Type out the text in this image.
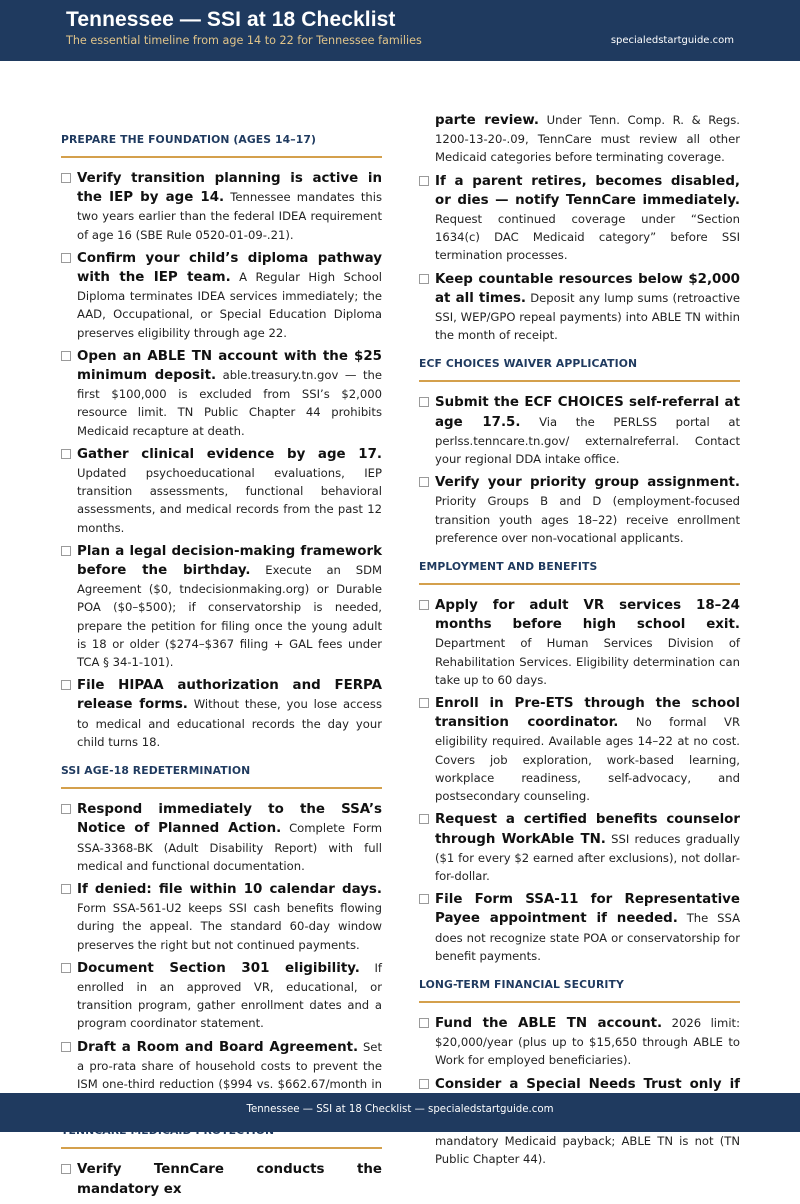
Tennessee — SSI at 18 Checklist
The essential timeline from age 14 to 22 for Tennessee families	specialedstartguide.com
PREPARE THE FOUNDATION (AGES 14–17)
Verify transition planning is active in the IEP by age 14. Tennessee mandates this two years earlier than the federal IDEA requirement of age 16 (SBE Rule 0520-01-09-.21).
Confirm your child’s diploma pathway with the IEP team. A Regular High School Diploma terminates IDEA services immediately; the AAD, Occupational, or Special Education Diploma preserves eligibility through age 22.
Open an ABLE TN account with the $25 minimum deposit. able.treasury.tn.gov — the first $100,000 is excluded from SSI’s $2,000 resource limit. TN Public Chapter 44 prohibits Medicaid recapture at death.
Gather clinical evidence by age 17. Updated psychoeducational evaluations, IEP transition assessments, functional behavioral assessments, and medical records from the past 12 months.
Plan a legal decision-making framework before the birthday. Execute an SDM Agreement ($0, tndecisionmaking.org) or Durable POA ($0–$500); if conservatorship is needed, prepare the petition for filing once the young adult is 18 or older ($274–$367 filing + GAL fees under TCA § 34-1-101).
File HIPAA authorization and FERPA release forms. Without these, you lose access to medical and educational records the day your child turns 18.
SSI AGE-18 REDETERMINATION
Respond immediately to the SSA’s Notice of Planned Action. Complete Form SSA-3368-BK (Adult Disability Report) with full medical and functional documentation.
If denied: file within 10 calendar days. Form SSA-561-U2 keeps SSI cash benefits flowing during the appeal. The standard 60-day window preserves the right but not continued payments.
Document Section 301 eligibility. If enrolled in an approved VR, educational, or transition program, gather enrollment dates and a program coordinator statement.
Draft a Room and Board Agreement. Set a pro-rata share of household costs to prevent the ISM one-third reduction ($994 vs. $662.67/month in
Verify TennCare conducts the mandatory ex
parte review. Under Tenn. Comp. R. & Regs. 1200-13-20-.09, TennCare must review all other Medicaid categories before terminating coverage.
If a parent retires, becomes disabled, or dies — notify TennCare immediately. Request continued coverage under “Section 1634(c) DAC Medicaid category” before SSI termination processes.
Keep countable resources below $2,000 at all times. Deposit any lump sums (retroactive SSI, WEP/GPO repeal payments) into ABLE TN within the month of receipt.
ECF CHOICES WAIVER APPLICATION
Submit the ECF CHOICES self-referral at age 17.5. Via the PERLSS portal at perlss.tenncare.tn.gov/ externalreferral. Contact your regional DDA intake office.
Verify your priority group assignment. Priority Groups B and D (employment-focused transition youth ages 18–22) receive enrollment preference over non-vocational applicants.
EMPLOYMENT AND BENEFITS
Apply for adult VR services 18–24 months before high school exit. Department of Human Services Division of Rehabilitation Services. Eligibility determination can take up to 60 days.
Enroll in Pre-ETS through the school transition coordinator. No formal VR eligibility required. Available ages 14–22 at no cost. Covers job exploration, work-based learning, workplace readiness, self-advocacy, and postsecondary counseling.
Request a certified benefits counselor through WorkAble TN. SSI reduces gradually ($1 for every $2 earned after exclusions), not dollar-for-dollar.
File Form SSA-11 for Representative Payee appointment if needed. The SSA does not recognize state POA or conservatorship for benefit payments.
LONG-TERM FINANCIAL SECURITY
Fund the ABLE TN account. 2026 limit: $20,000/year (plus up to $15,650 through ABLE to Work for employed beneficiaries).
Consider a Special Needs Trust only if mandatory Medicaid payback; ABLE TN is not (TN Public Chapter 44).
Tennessee — SSI at 18 Checklist — specialedstartguide.com
